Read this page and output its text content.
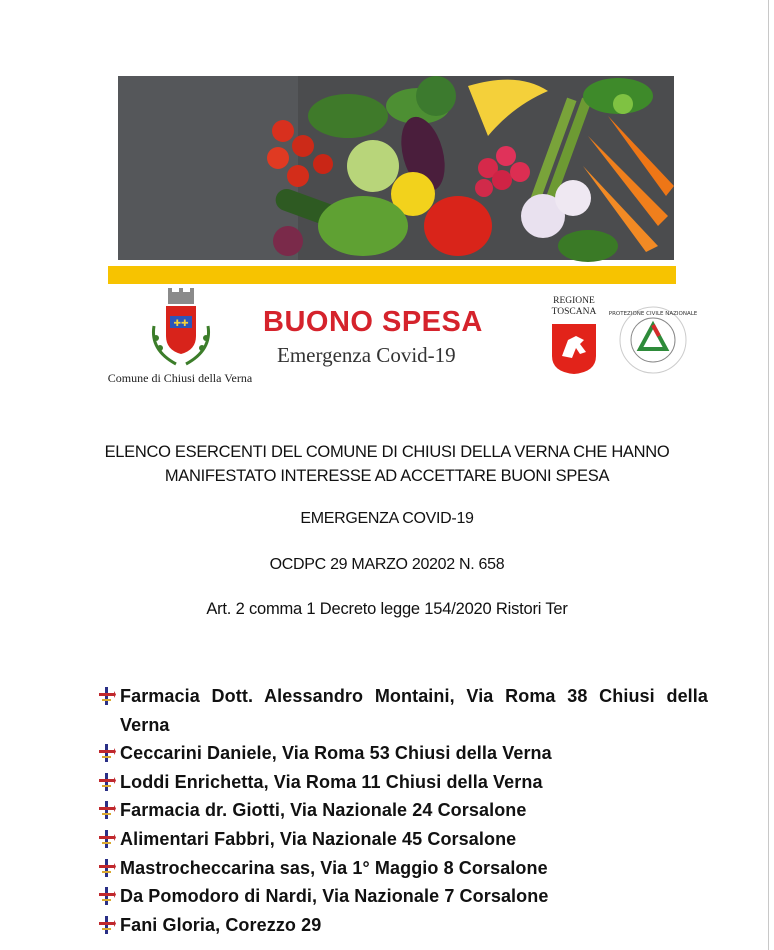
✚✚
Comune di Chiusi della Verna
BUONO SPESA
Emergenza Covid-19
REGIONE TOSCANA	PROTEZIONE CIVILE NAZIONALE
ELENCO ESERCENTI DEL COMUNE DI CHIUSI DELLA VERNA CHE HANNO
MANIFESTATO INTERESSE AD ACCETTARE BUONI SPESA
EMERGENZA COVID-19
OCDPC 29 MARZO 20202 N. 658
Art. 2 comma 1 Decreto legge 154/2020 Ristori Ter
Farmacia Dott. Alessandro Montaini, Via Roma 38 Chiusi della Verna
Ceccarini Daniele, Via Roma 53 Chiusi della Verna
Loddi Enrichetta, Via Roma 11 Chiusi della Verna
Farmacia dr. Giotti, Via Nazionale 24 Corsalone
Alimentari Fabbri, Via Nazionale 45 Corsalone
Mastrocheccarina sas, Via 1° Maggio 8 Corsalone
Da Pomodoro di Nardi, Via Nazionale 7 Corsalone
Fani Gloria, Corezzo 29
